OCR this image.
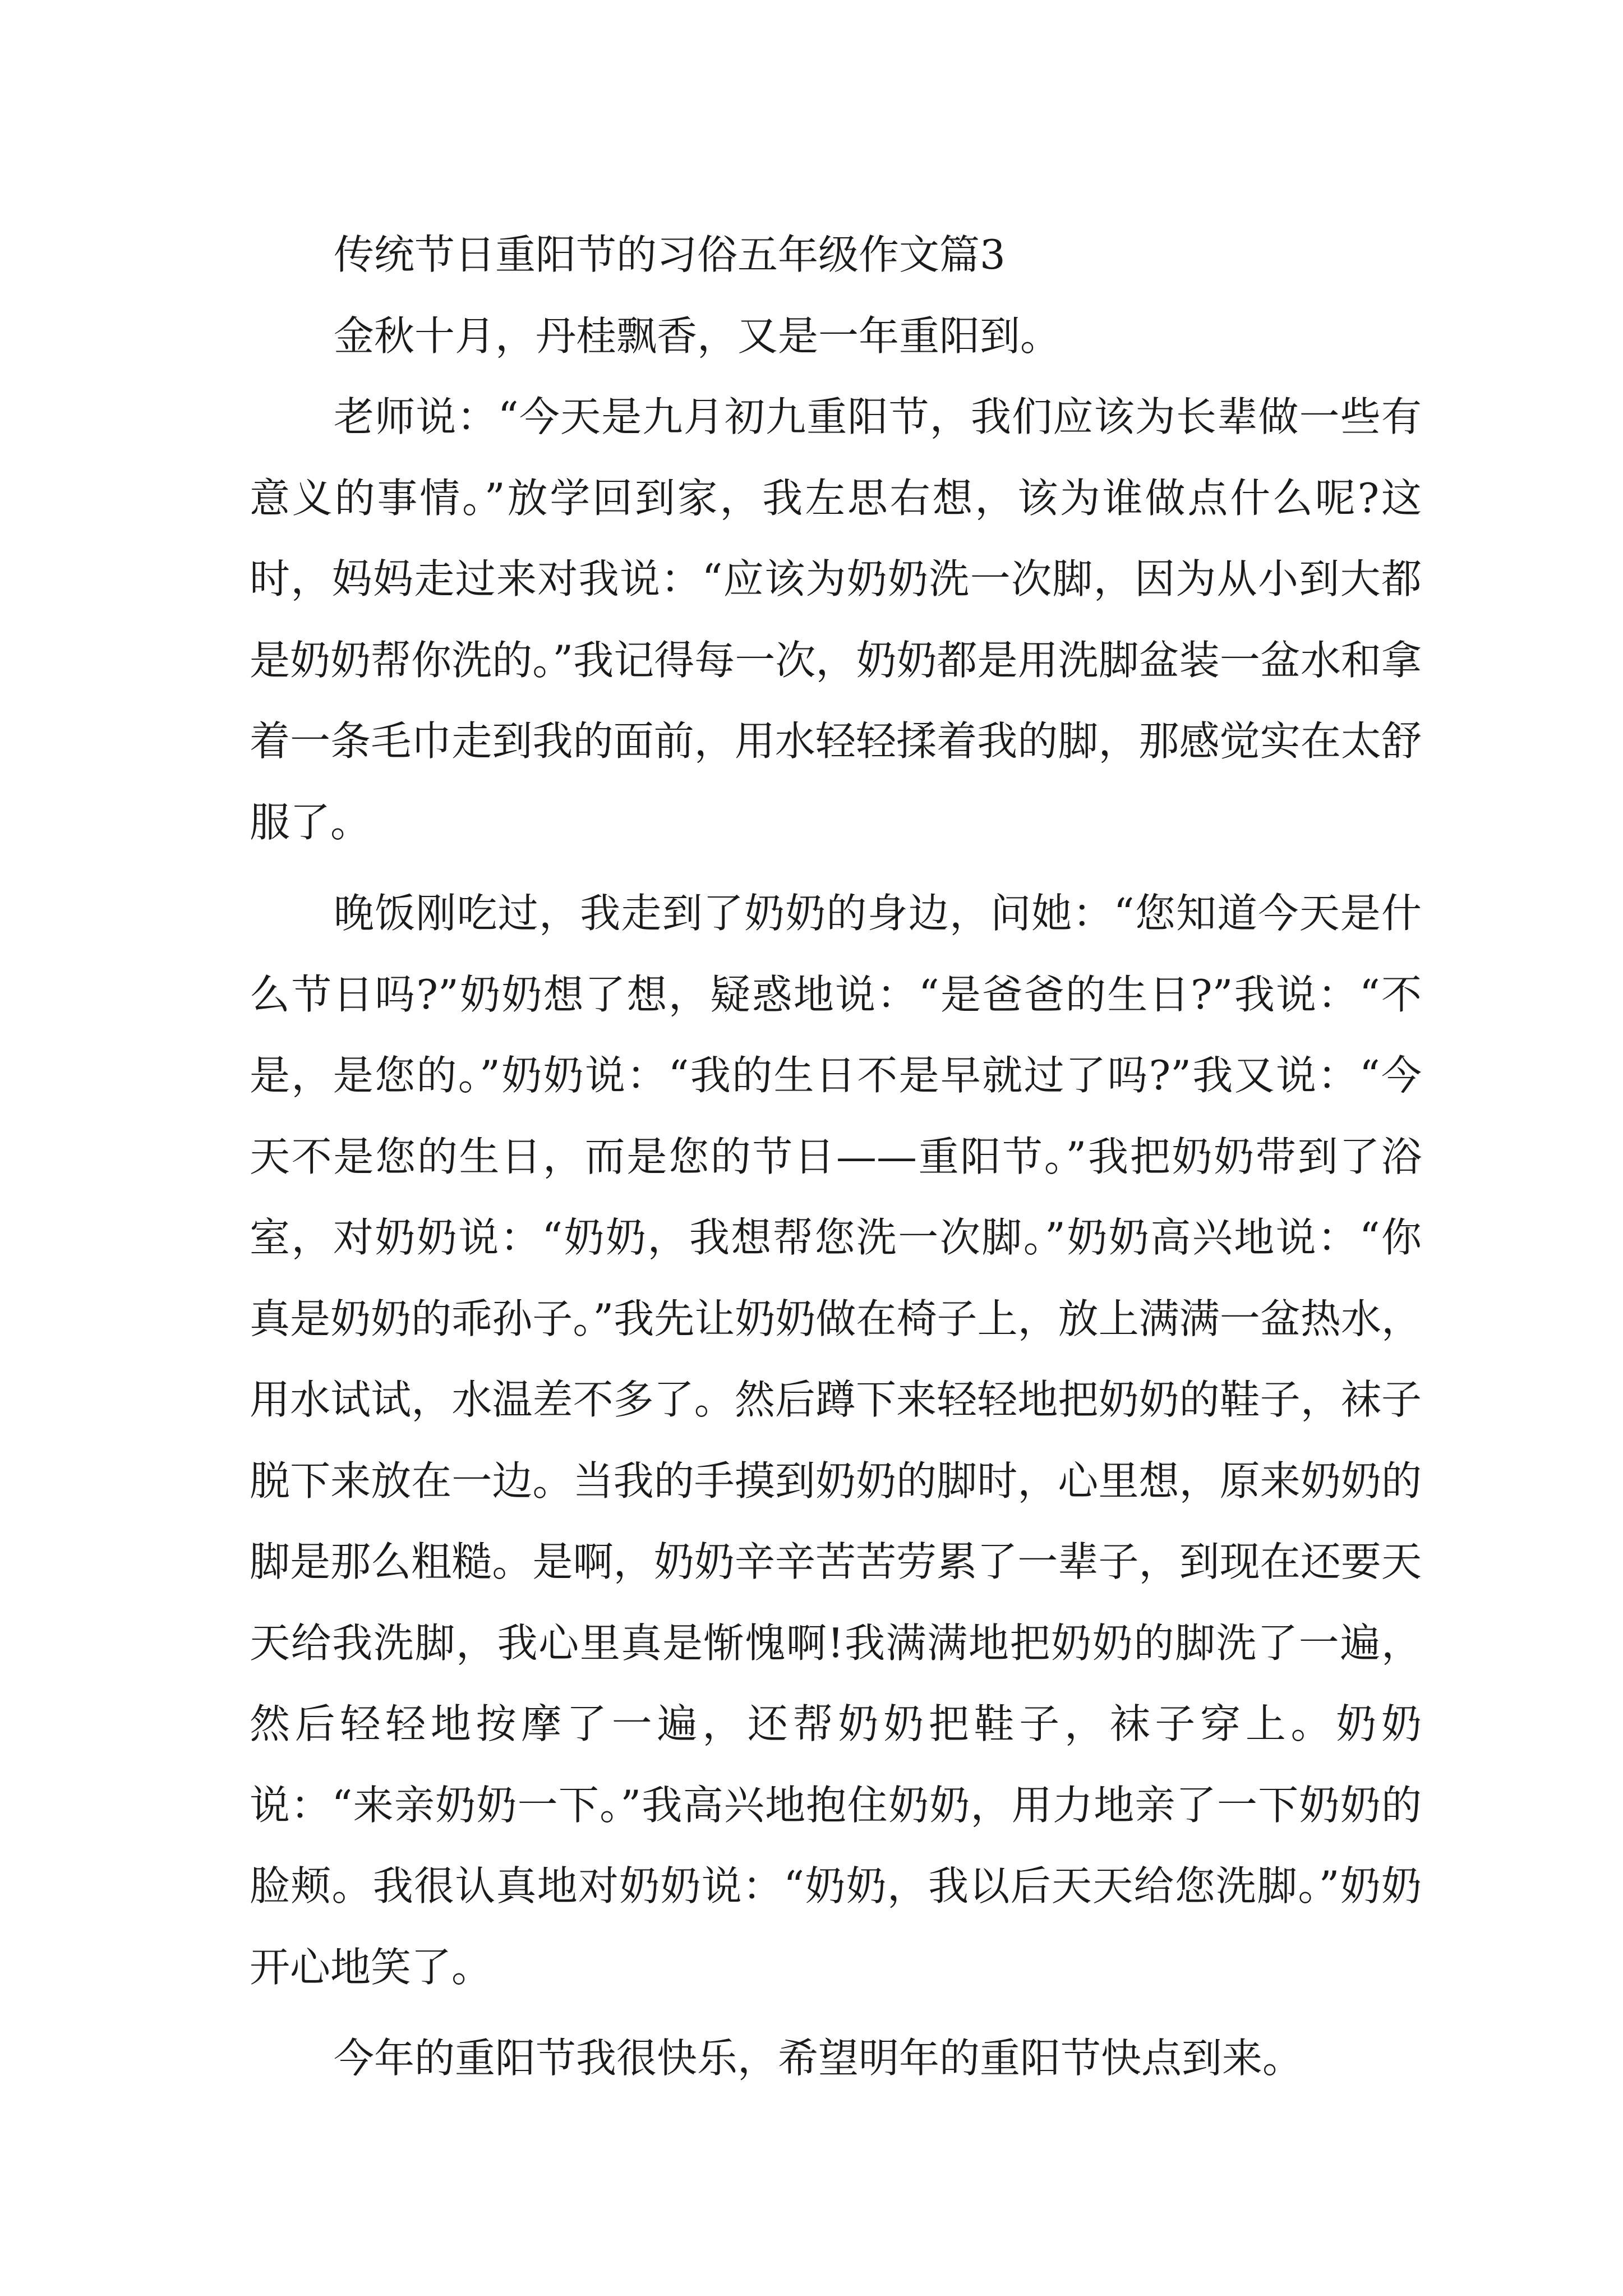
传统节日重阳节的习俗五年级作文篇3

金秋十月，丹桂飘香，又是一年重阳到。

老师说：“今天是九月初九重阳节，我们应该为长辈做一些有意义的事情。”放学回到家，我左思右想，该为谁做点什么呢?这时，妈妈走过来对我说：“应该为奶奶洗一次脚，因为从小到大都是奶奶帮你洗的。”我记得每一次，奶奶都是用洗脚盆装一盆水和拿着一条毛巾走到我的面前，用水轻轻揉着我的脚，那感觉实在太舒服了。

晚饭刚吃过，我走到了奶奶的身边，问她：“您知道今天是什么节日吗?”奶奶想了想，疑惑地说：“是爸爸的生日?”我说：“不是，是您的。”奶奶说：“我的生日不是早就过了吗?”我又说：“今天不是您的生日，而是您的节日——重阳节。”我把奶奶带到了浴室，对奶奶说：“奶奶，我想帮您洗一次脚。”奶奶高兴地说：“你真是奶奶的乖孙子。”我先让奶奶做在椅子上，放上满满一盆热水，用水试试，水温差不多了。然后蹲下来轻轻地把奶奶的鞋子，袜子脱下来放在一边。当我的手摸到奶奶的脚时，心里想，原来奶奶的脚是那么粗糙。是啊，奶奶辛辛苦苦劳累了一辈子，到现在还要天天给我洗脚，我心里真是惭愧啊!我满满地把奶奶的脚洗了一遍，然后轻轻地按摩了一遍，还帮奶奶把鞋子，袜子穿上。奶奶说：“来亲奶奶一下。”我高兴地抱住奶奶，用力地亲了一下奶奶的脸颊。我很认真地对奶奶说：“奶奶，我以后天天给您洗脚。”奶奶开心地笑了。

今年的重阳节我很快乐，希望明年的重阳节快点到来。
